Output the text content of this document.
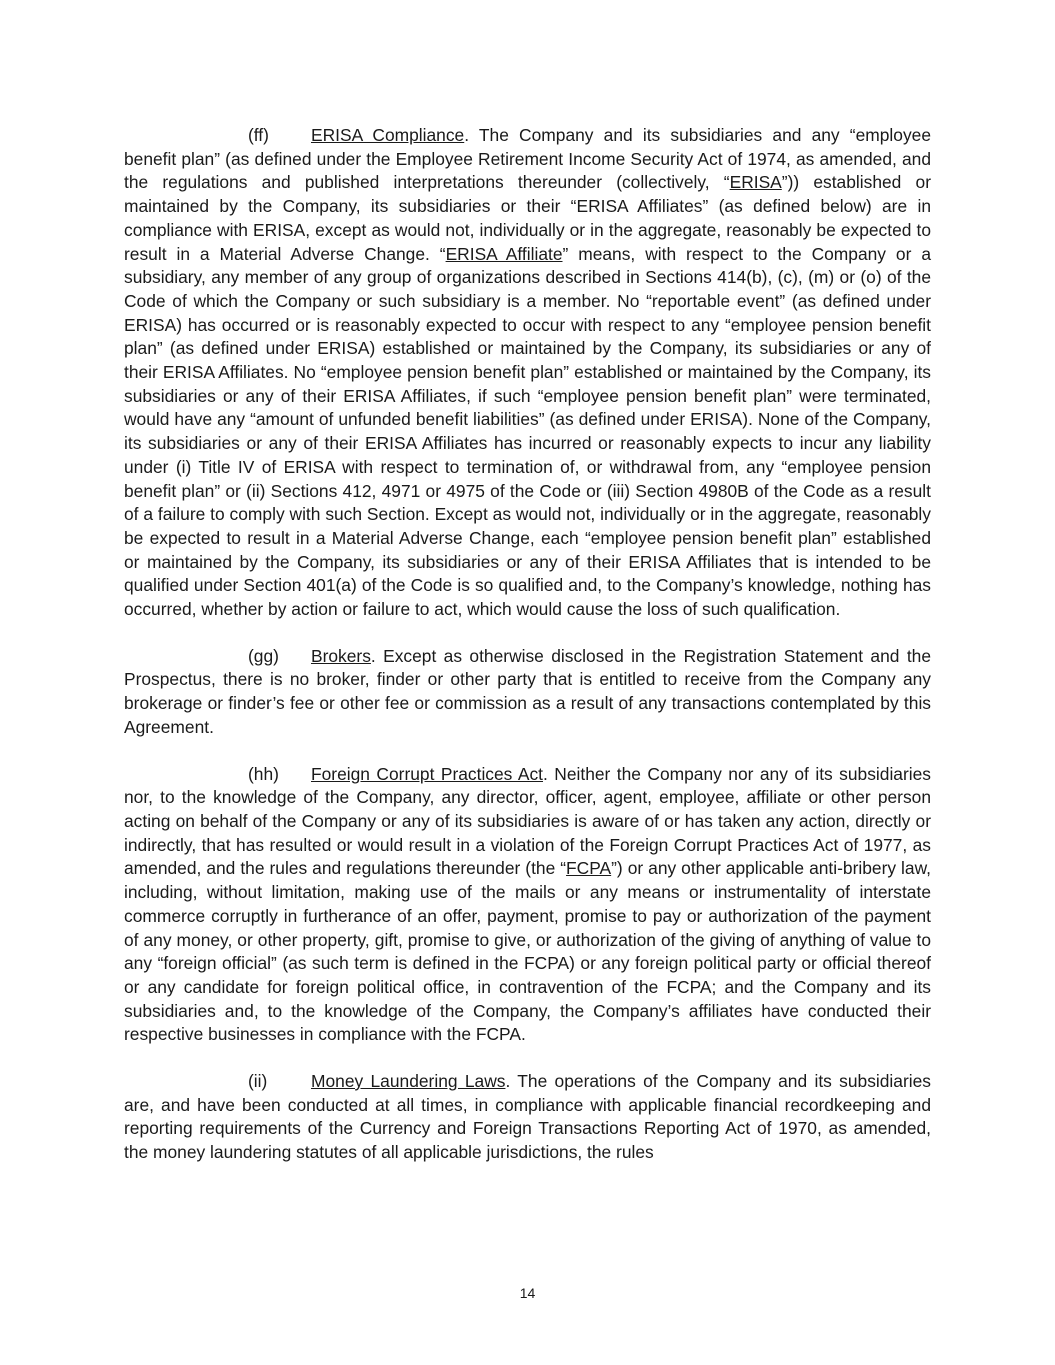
(ff) ERISA Compliance. The Company and its subsidiaries and any “employee benefit plan” (as defined under the Employee Retirement Income Security Act of 1974, as amended, and the regulations and published interpretations thereunder (collectively, “ERISA”)) established or maintained by the Company, its subsidiaries or their “ERISA Affiliates” (as defined below) are in compliance with ERISA, except as would not, individually or in the aggregate, reasonably be expected to result in a Material Adverse Change. “ERISA Affiliate” means, with respect to the Company or a subsidiary, any member of any group of organizations described in Sections 414(b), (c), (m) or (o) of the Code of which the Company or such subsidiary is a member. No “reportable event” (as defined under ERISA) has occurred or is reasonably expected to occur with respect to any “employee pension benefit plan” (as defined under ERISA) established or maintained by the Company, its subsidiaries or any of their ERISA Affiliates. No “employee pension benefit plan” established or maintained by the Company, its subsidiaries or any of their ERISA Affiliates, if such “employee pension benefit plan” were terminated, would have any “amount of unfunded benefit liabilities” (as defined under ERISA). None of the Company, its subsidiaries or any of their ERISA Affiliates has incurred or reasonably expects to incur any liability under (i) Title IV of ERISA with respect to termination of, or withdrawal from, any “employee pension benefit plan” or (ii) Sections 412, 4971 or 4975 of the Code or (iii) Section 4980B of the Code as a result of a failure to comply with such Section. Except as would not, individually or in the aggregate, reasonably be expected to result in a Material Adverse Change, each “employee pension benefit plan” established or maintained by the Company, its subsidiaries or any of their ERISA Affiliates that is intended to be qualified under Section 401(a) of the Code is so qualified and, to the Company’s knowledge, nothing has occurred, whether by action or failure to act, which would cause the loss of such qualification.

(gg) Brokers. Except as otherwise disclosed in the Registration Statement and the Prospectus, there is no broker, finder or other party that is entitled to receive from the Company any brokerage or finder’s fee or other fee or commission as a result of any transactions contemplated by this Agreement.

(hh) Foreign Corrupt Practices Act. Neither the Company nor any of its subsidiaries nor, to the knowledge of the Company, any director, officer, agent, employee, affiliate or other person acting on behalf of the Company or any of its subsidiaries is aware of or has taken any action, directly or indirectly, that has resulted or would result in a violation of the Foreign Corrupt Practices Act of 1977, as amended, and the rules and regulations thereunder (the “FCPA”) or any other applicable anti-bribery law, including, without limitation, making use of the mails or any means or instrumentality of interstate commerce corruptly in furtherance of an offer, payment, promise to pay or authorization of the payment of any money, or other property, gift, promise to give, or authorization of the giving of anything of value to any “foreign official” (as such term is defined in the FCPA) or any foreign political party or official thereof or any candidate for foreign political office, in contravention of the FCPA; and the Company and its subsidiaries and, to the knowledge of the Company, the Company’s affiliates have conducted their respective businesses in compliance with the FCPA.

(ii)	Money Laundering Laws. The operations of the Company and its subsidiaries are, and have been conducted at all times, in compliance with applicable financial recordkeeping and reporting requirements of the Currency and Foreign Transactions Reporting Act of 1970, as amended, the money laundering statutes of all applicable jurisdictions, the rules

14
